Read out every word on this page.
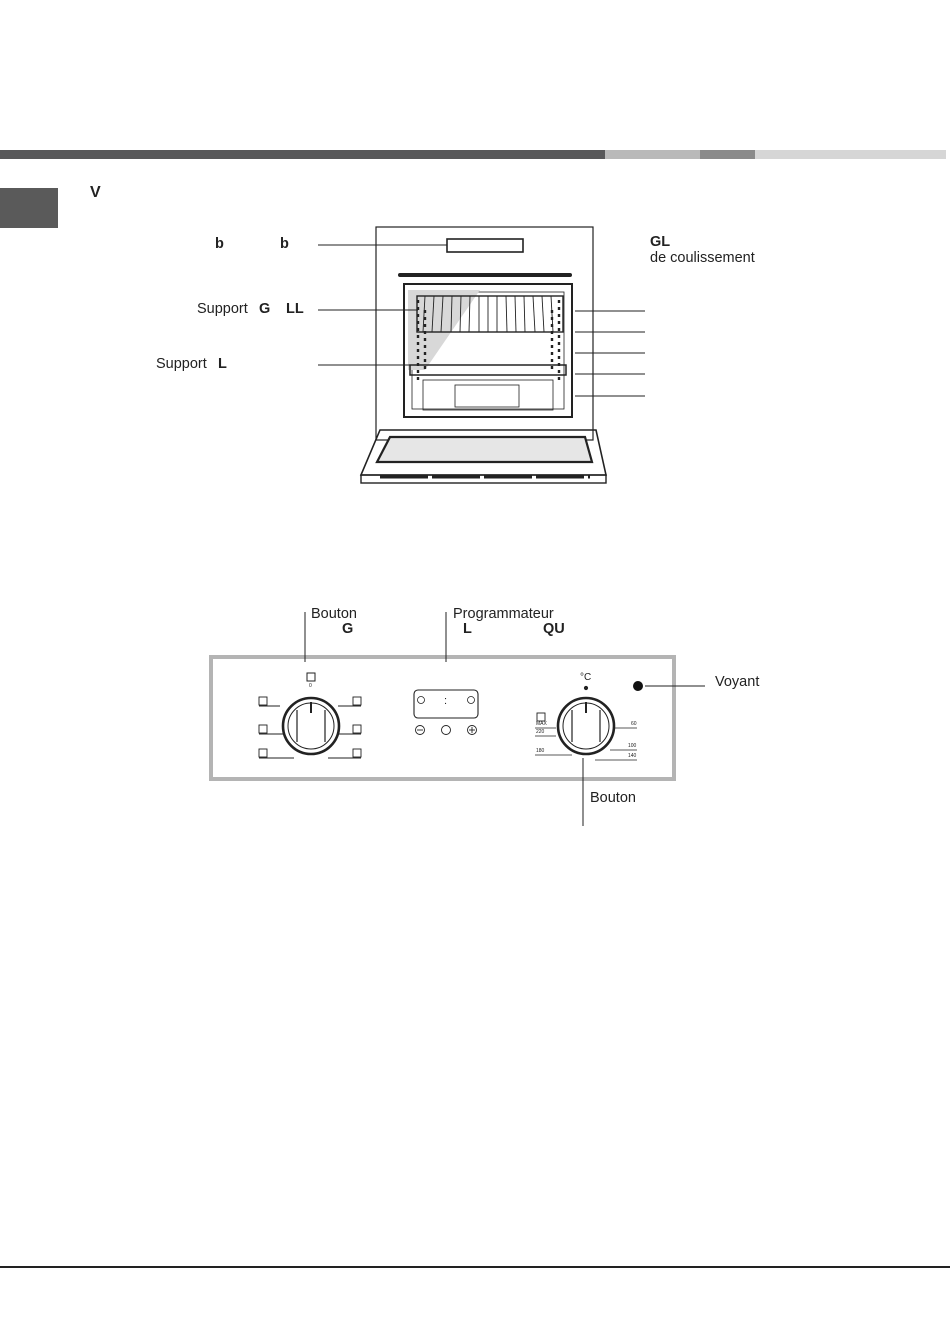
V
b	b
Support G LL
Support L
GL
de coulissement
Bouton
G
Programmateur
L	QU
Voyant
Bouton
0
:
°C
MAX
220
180
60
100
140
